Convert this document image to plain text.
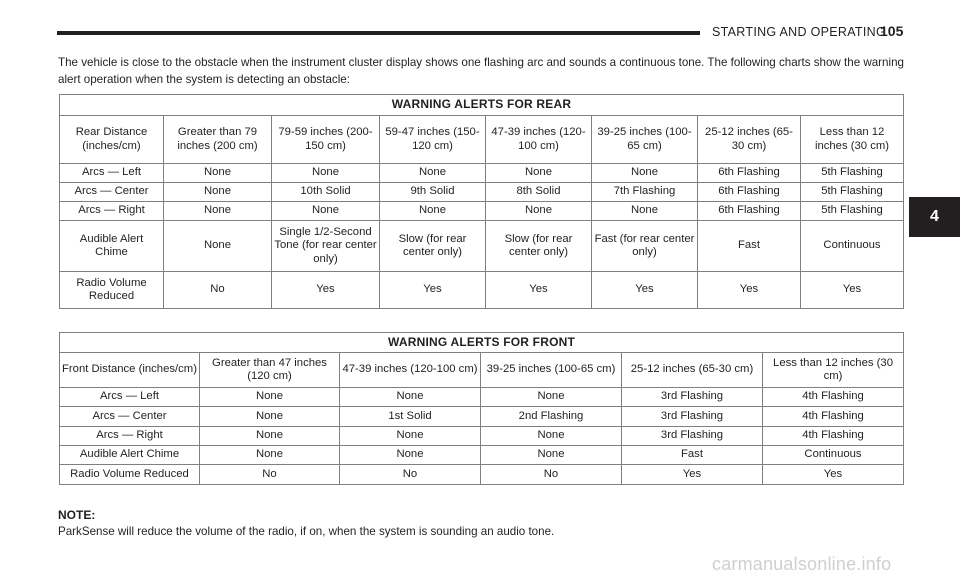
STARTING AND OPERATING
105
4
The vehicle is close to the obstacle when the instrument cluster display shows one flashing arc and sounds a continuous tone. The following charts show the warning alert operation when the system is detecting an obstacle:
WARNING ALERTS FOR REAR							
Rear Distance (inches/cm)	Greater than 79 inches (200 cm)	79-59 inches (200-150 cm)	59-47 inches (150-120 cm)	47-39 inches (120-100 cm)	39-25 inches (100-65 cm)	25-12 inches (65-30 cm)	Less than 12 inches (30 cm)
Arcs — Left	None	None	None	None	None	6th Flashing	5th Flashing
Arcs — Center	None	10th Solid	9th Solid	8th Solid	7th Flashing	6th Flashing	5th Flashing
Arcs — Right	None	None	None	None	None	6th Flashing	5th Flashing
Audible Alert Chime	None	Single 1/2-Second Tone (for rear center only)	Slow (for rear center only)	Slow (for rear center only)	Fast (for rear center only)	Fast	Continuous
Radio Volume Reduced	No	Yes	Yes	Yes	Yes	Yes	Yes
WARNING ALERTS FOR FRONT					
Front Distance (inches/cm)	Greater than 47 inches (120 cm)	47-39 inches (120-100 cm)	39-25 inches (100-65 cm)	25-12 inches (65-30 cm)	Less than 12 inches (30 cm)
Arcs — Left	None	None	None	3rd Flashing	4th Flashing
Arcs — Center	None	1st Solid	2nd Flashing	3rd Flashing	4th Flashing
Arcs — Right	None	None	None	3rd Flashing	4th Flashing
Audible Alert Chime	None	None	None	Fast	Continuous
Radio Volume Reduced	No	No	No	Yes	Yes
NOTE:
ParkSense will reduce the volume of the radio, if on, when the system is sounding an audio tone.
carmanualsonline.info
